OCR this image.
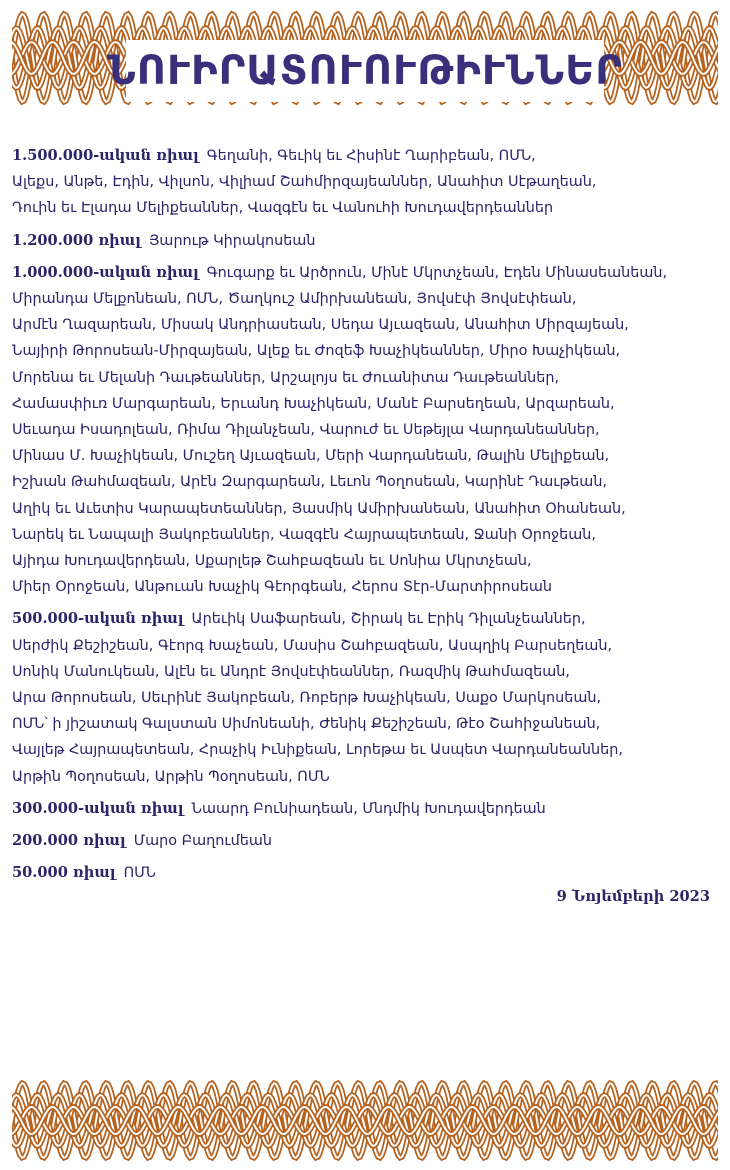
ՆՈՒԻՐԱՏՈՒՈՒԹԻՒՆՆԵՐ
1.500.000-ական ռիալ Գեղանի, Գեւիկ եւ Հիսինէ Ղարիբեան, ՈՄՆ,
Ալեքս, Անթե, Էդին, Վիլսոն, Վիլիամ Շահմիրզայեաններ, Անահիտ Սէթաղեան,
Դուին եւ Էլադա Մելիքեաններ, Վազգէն եւ Վանուհի Խուդավերդեաններ
1.200.000 ռիալ Յարութ Կիրակոսեան
1.000.000-ական ռիալ Գուգարք եւ Արծրուն, Մինէ Մկրտչեան, Էդեն Մինասեանեան,
Միրանդա Մելքոնեան, ՈՄՆ, Ծաղկուշ Ամիրխանեան, Յովսէփ Յովսէփեան,
Արմէն Ղազարեան, Միսակ Անդրիասեան, Սեդա Այւազեան, Անահիտ Միրզայեան,
Նայիրի Թորոսեան-Միրզայեան, Ալեք եւ Ժոզեֆ Խաչիկեաններ, Միրօ Խաչիկեան,
Մորենա եւ Մելանի Դաւթեաններ, Արշալոյս եւ Ժուանիտա Դաւթեաններ,
Համասփիւռ Մարգարեան, Երւանդ Խաչիկեան, Մանէ Բարսեղեան, Արզարեան,
Սեւադա Իսադոլեան, Ռիմա Դիլանչեան, Վարուժ եւ Սեթեյլա Վարդանեաններ,
Մինաս Մ. Խաչիկեան, Մուշեղ Այւազեան, Մերի Վարդանեան, Թալին Մելիքեան,
Իշխան Թահմազեան, Արէն Զարգարեան, Լեւոն Պօղոսեան, Կարինէ Դաւթեան,
Աղիկ եւ Աւետիս Կարապետեաններ, Յասմիկ Ամիրխանեան, Անահիտ Օհանեան,
Նարեկ եւ Նապալի Յակոբեաններ, Վազգէն Հայրապետեան, Ջանի Օրոջեան,
Այիդա Խուդավերդեան, Սքարլեթ Շահբազեան եւ Սոնիա Մկրտչեան,
Միեր Օրոջեան, Անթուան Խաչիկ Գէորգեան, Հերոս Տէր-Մարտիրոսեան
500.000-ական ռիալ Արեւիկ Սաֆարեան, Շիրակ եւ Էրիկ Դիլանչեաններ,
Սերժիկ Քեշիշեան, Գէորգ Խաչեան, Մասիս Շահբազեան, Ասպղիկ Բարսեղեան,
Սոնիկ Մանուկեան, Ալէն եւ Անդրէ Յովսէփեաններ, Ռազմիկ Թահմազեան,
Արա Թորոսեան, Սեւրինէ Յակոբեան, Ռոբերթ Խաչիկեան, Սաքօ Մարկոսեան,
ՈՄՆ՝ ի յիշատակ Գալստան Սիմոնեանի, Ժենիկ Քեշիշեան, Թէօ Շահիջանեան,
Վայլեթ Հայրապետեան, Հրաչիկ Իւնիքեան, Լորեթա եւ Ասպետ Վարդանեաններ,
Արթին Պօղոսեան, Արթին Պօղոսեան, ՈՄՆ
300.000-ական ռիալ Նաարդ Բունիադեան, Մնդմիկ Խուդավերդեան
200.000 ռիալ Մարօ Բաղումեան
50.000 ռիալ ՈՄՆ
9 Նոյեմբերի 2023
